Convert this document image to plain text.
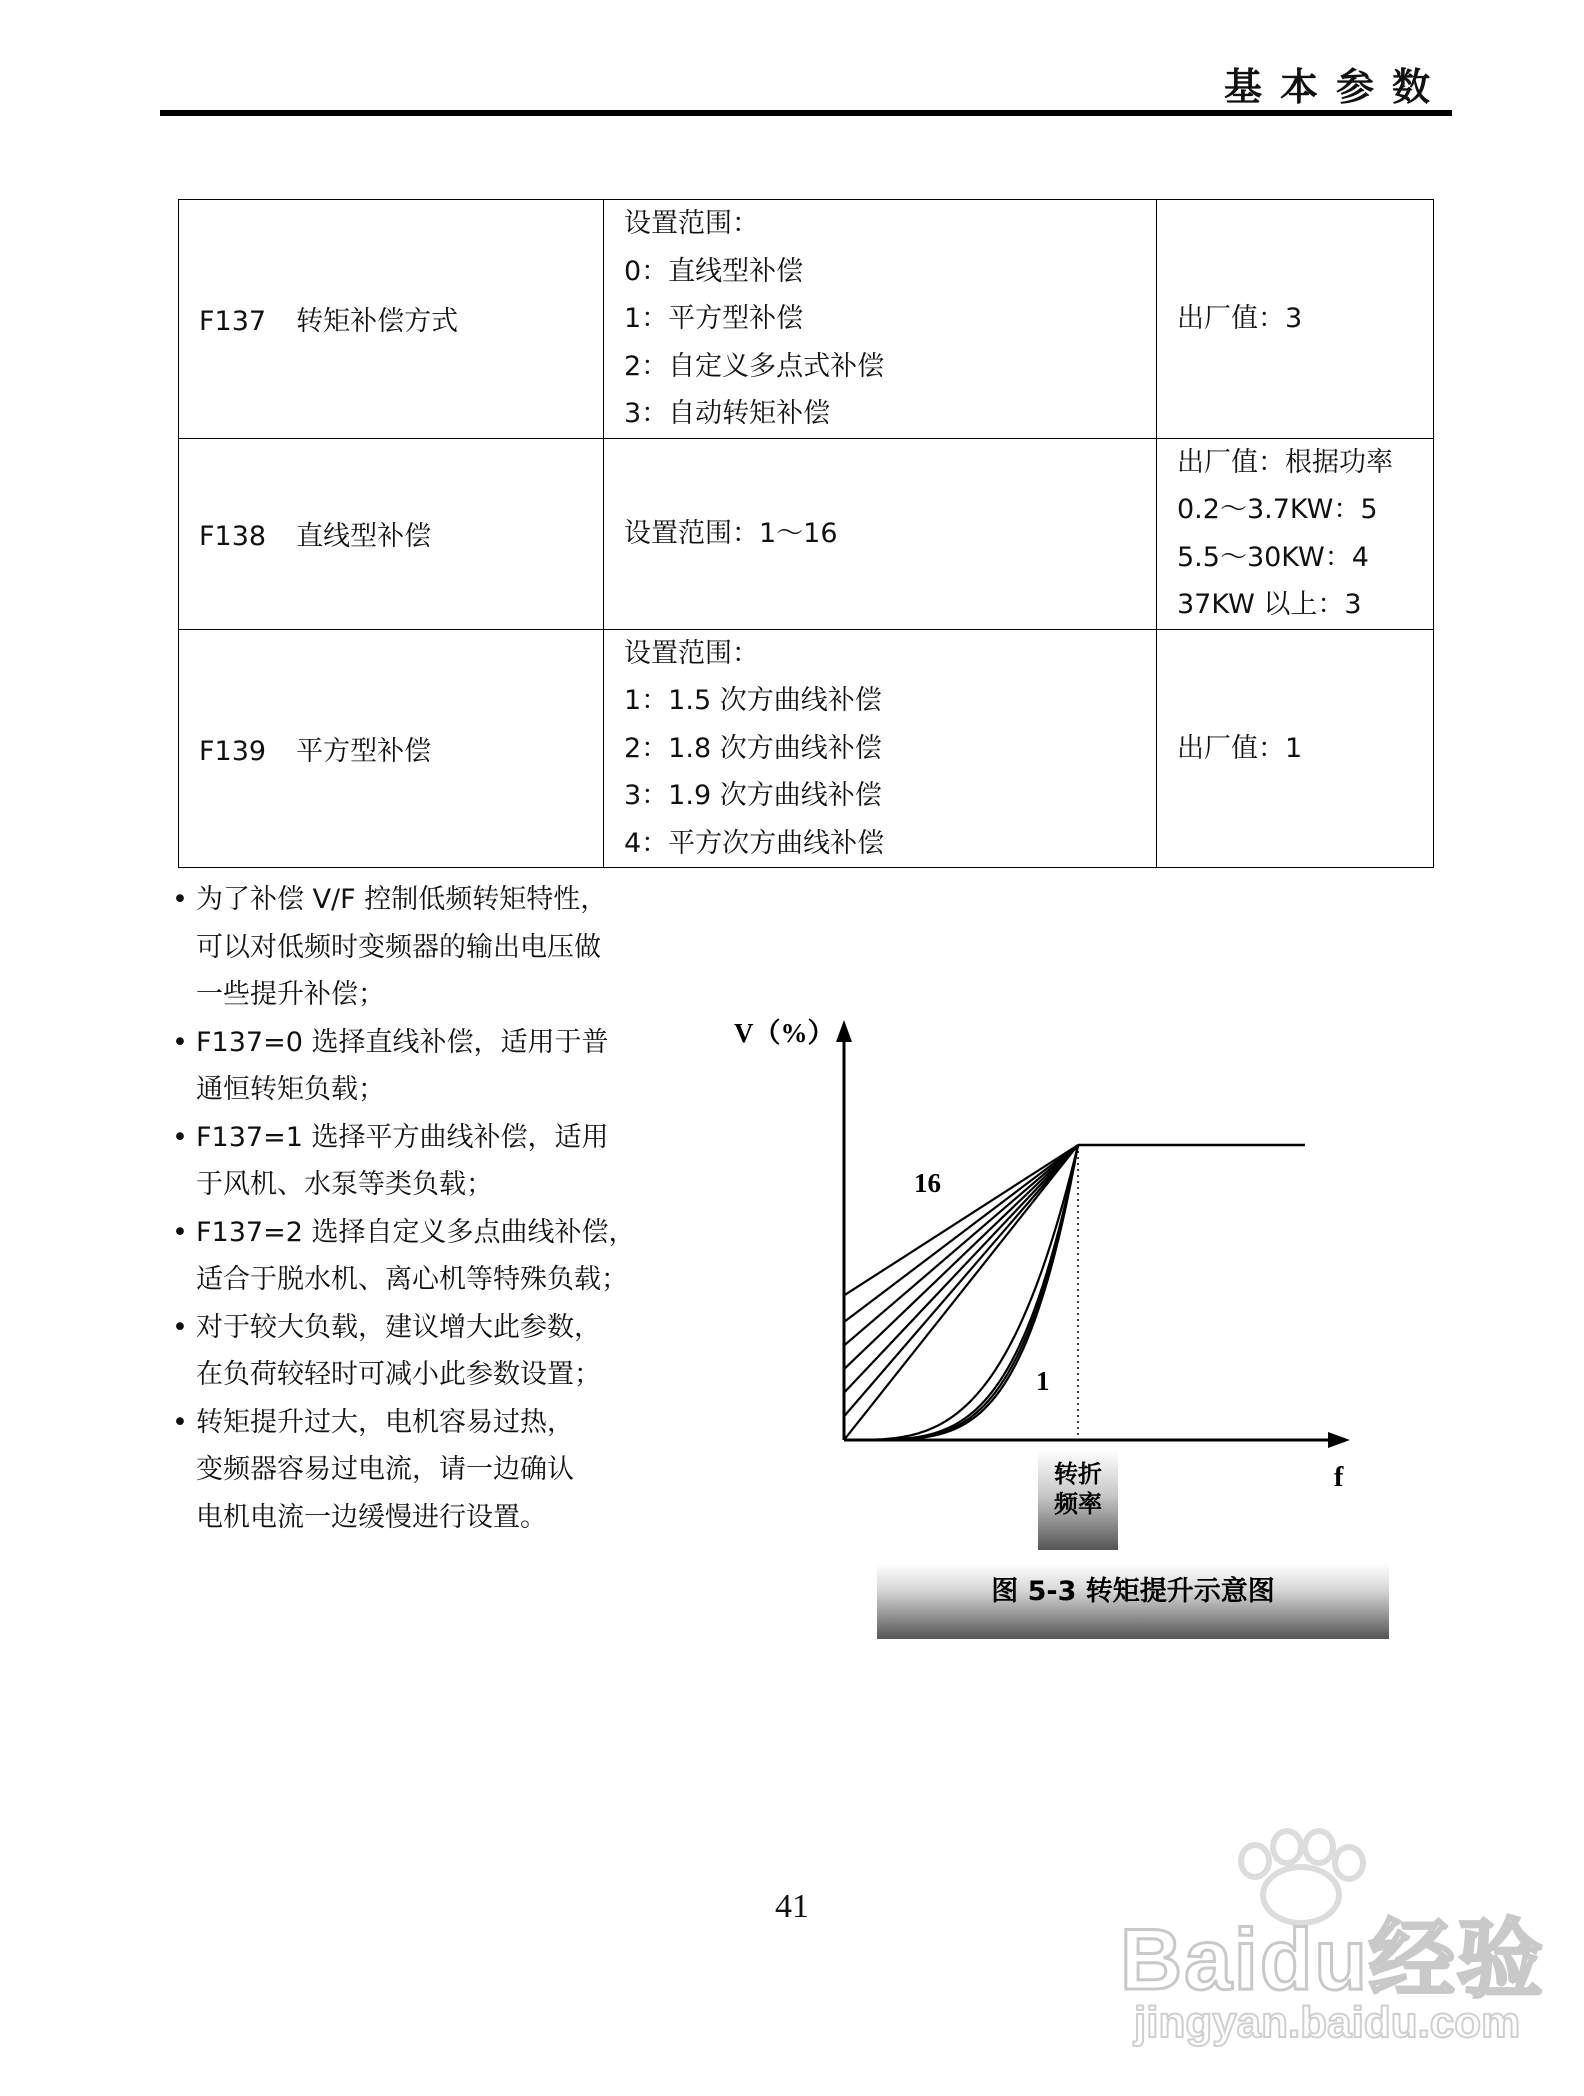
基本参数
F137 转矩补偿方式	设置范围：
0：直线型补偿
1：平方型补偿
2：自定义多点式补偿
3：自动转矩补偿	出厂值：3

F138 直线型补偿	设置范围：1～16	出厂值：根据功率
0.2～3.7KW：5
5.5～30KW：4
37KW 以上：3

F139 平方型补偿	设置范围：
1：1.5 次方曲线补偿
2：1.8 次方曲线补偿
3：1.9 次方曲线补偿
4：平方次方曲线补偿	出厂值：1
• 为了补偿 V/F 控制低频转矩特性，
可以对低频时变频器的输出电压做
一些提升补偿；
• F137=0 选择直线补偿，适用于普
通恒转矩负载；
• F137=1 选择平方曲线补偿，适用
于风机、水泵等类负载；
• F137=2 选择自定义多点曲线补偿，
适合于脱水机、离心机等特殊负载；
• 对于较大负载，建议增大此参数，
在负荷较轻时可减小此参数设置；
• 转矩提升过大，电机容易过热，
变频器容易过电流，请一边确认
电机电流一边缓慢进行设置。
转折
频率
V（%）
f
16
1
图 5-3 转矩提升示意图
41
Baidu经验
jingyan.baidu.com
